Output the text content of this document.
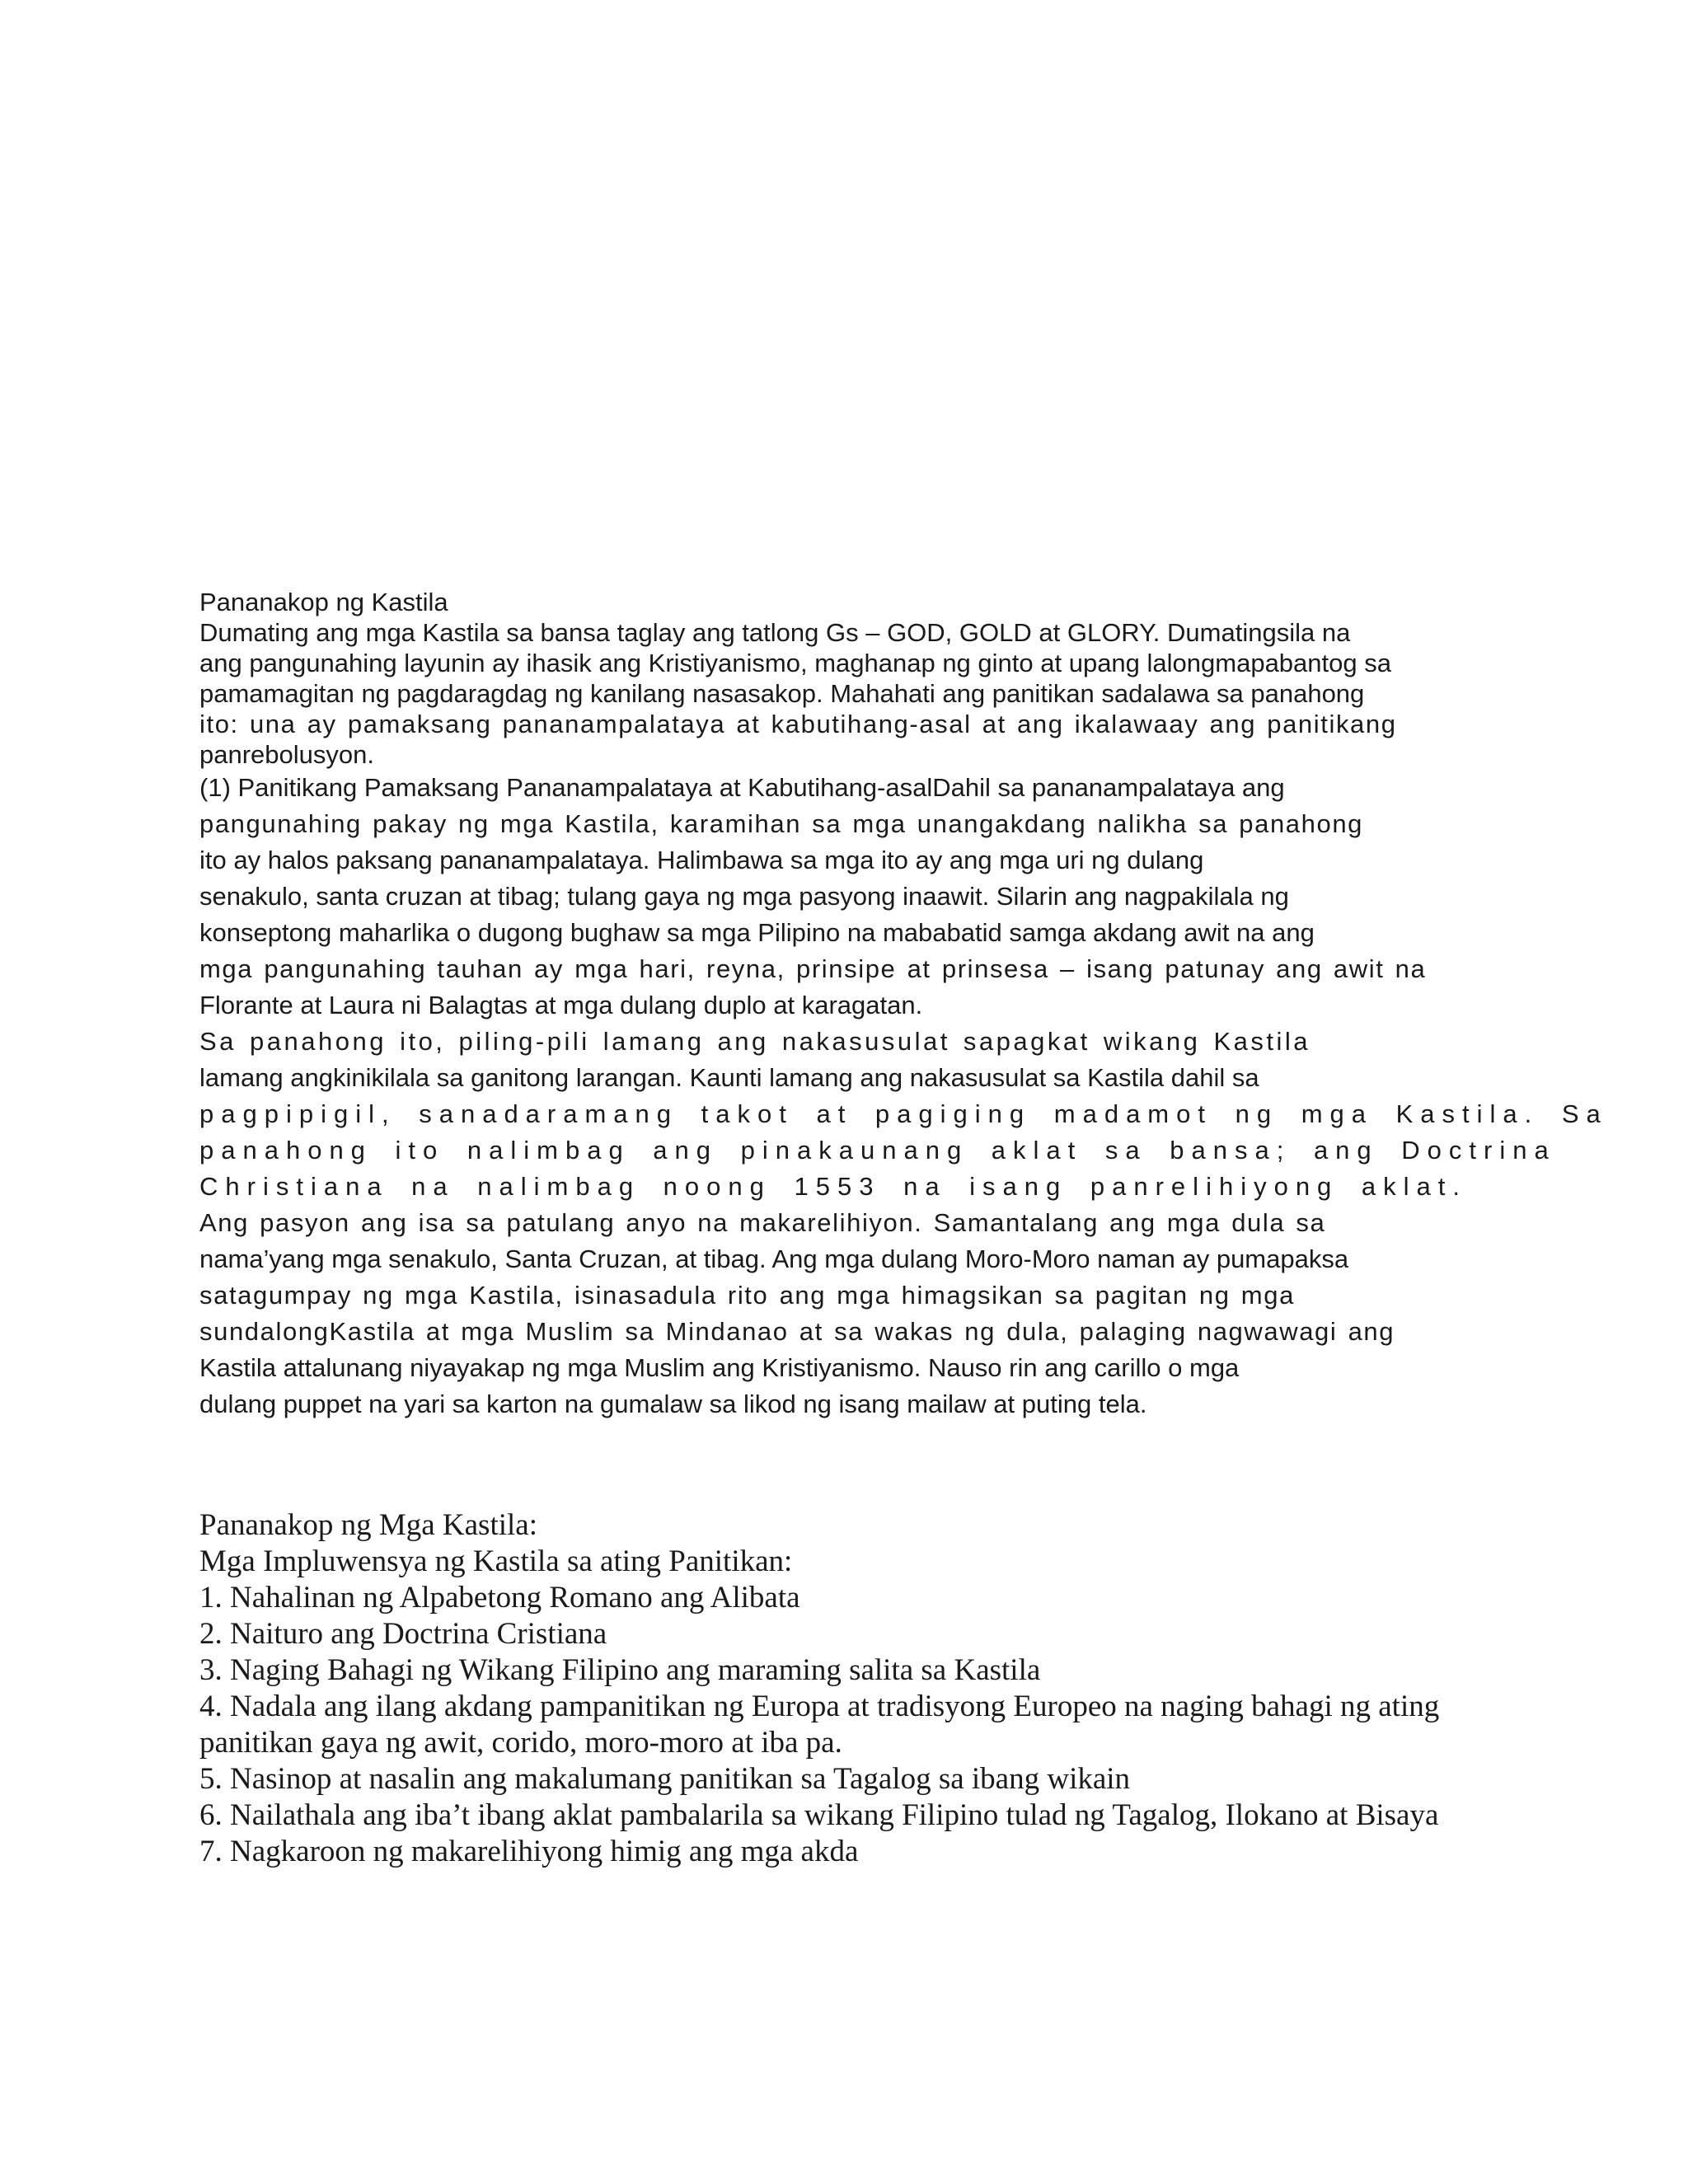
Pananakop ng Kastila
Dumating ang mga Kastila sa bansa taglay ang tatlong Gs – GOD, GOLD at GLORY. Dumatingsila na
ang pangunahing layunin ay ihasik ang Kristiyanismo, maghanap ng ginto at upang lalongmapabantog sa
pamamagitan ng pagdaragdag ng kanilang nasasakop. Mahahati ang panitikan sadalawa sa panahong
ito: una ay pamaksang pananampalataya at kabutihang-asal at ang ikalawaay ang panitikang
panrebolusyon.
(1) Panitikang Pamaksang Pananampalataya at Kabutihang-asalDahil sa pananampalataya ang
pangunahing pakay ng mga Kastila, karamihan sa mga unangakdang nalikha sa panahong
ito ay halos paksang pananampalataya. Halimbawa sa mga ito ay ang mga uri ng dulang
senakulo, santa cruzan at tibag; tulang gaya ng mga pasyong inaawit. Silarin ang nagpakilala ng
konseptong maharlika o dugong bughaw sa mga Pilipino na mababatid samga akdang awit na ang
mga pangunahing tauhan ay mga hari, reyna, prinsipe at prinsesa – isang patunay ang awit na
Florante at Laura ni Balagtas at mga dulang duplo at karagatan.
Sa panahong ito, piling-pili lamang ang nakasusulat sapagkat wikang Kastila
lamang angkinikilala sa ganitong larangan. Kaunti lamang ang nakasusulat sa Kastila dahil sa
pagpipigil, sanadaramang takot at pagiging madamot ng mga Kastila. Sa
panahong ito nalimbag ang pinakaunang aklat sa bansa; ang Doctrina
Christiana na nalimbag noong 1553 na isang panrelihiyong aklat.
Ang pasyon ang isa sa patulang anyo na makarelihiyon. Samantalang ang mga dula sa
nama’yang mga senakulo, Santa Cruzan, at tibag. Ang mga dulang Moro-Moro naman ay pumapaksa
satagumpay ng mga Kastila, isinasadula rito ang mga himagsikan sa pagitan ng mga
sundalongKastila at mga Muslim sa Mindanao at sa wakas ng dula, palaging nagwawagi ang
Kastila attalunang niyayakap ng mga Muslim ang Kristiyanismo. Nauso rin ang carillo o mga
dulang puppet na yari sa karton na gumalaw sa likod ng isang mailaw at puting tela.
Pananakop ng Mga Kastila:
Mga Impluwensya ng Kastila sa ating Panitikan:
1. Nahalinan ng Alpabetong Romano ang Alibata
2. Naituro ang Doctrina Cristiana
3. Naging Bahagi ng Wikang Filipino ang maraming salita sa Kastila
4. Nadala ang ilang akdang pampanitikan ng Europa at tradisyong Europeo na naging bahagi ng ating panitikan gaya ng awit, corido, moro-moro at iba pa.
5. Nasinop at nasalin ang makalumang panitikan sa Tagalog sa ibang wikain
6. Nailathala ang iba’t ibang aklat pambalarila sa wikang Filipino tulad ng Tagalog, Ilokano at Bisaya
7. Nagkaroon ng makarelihiyong himig ang mga akda
